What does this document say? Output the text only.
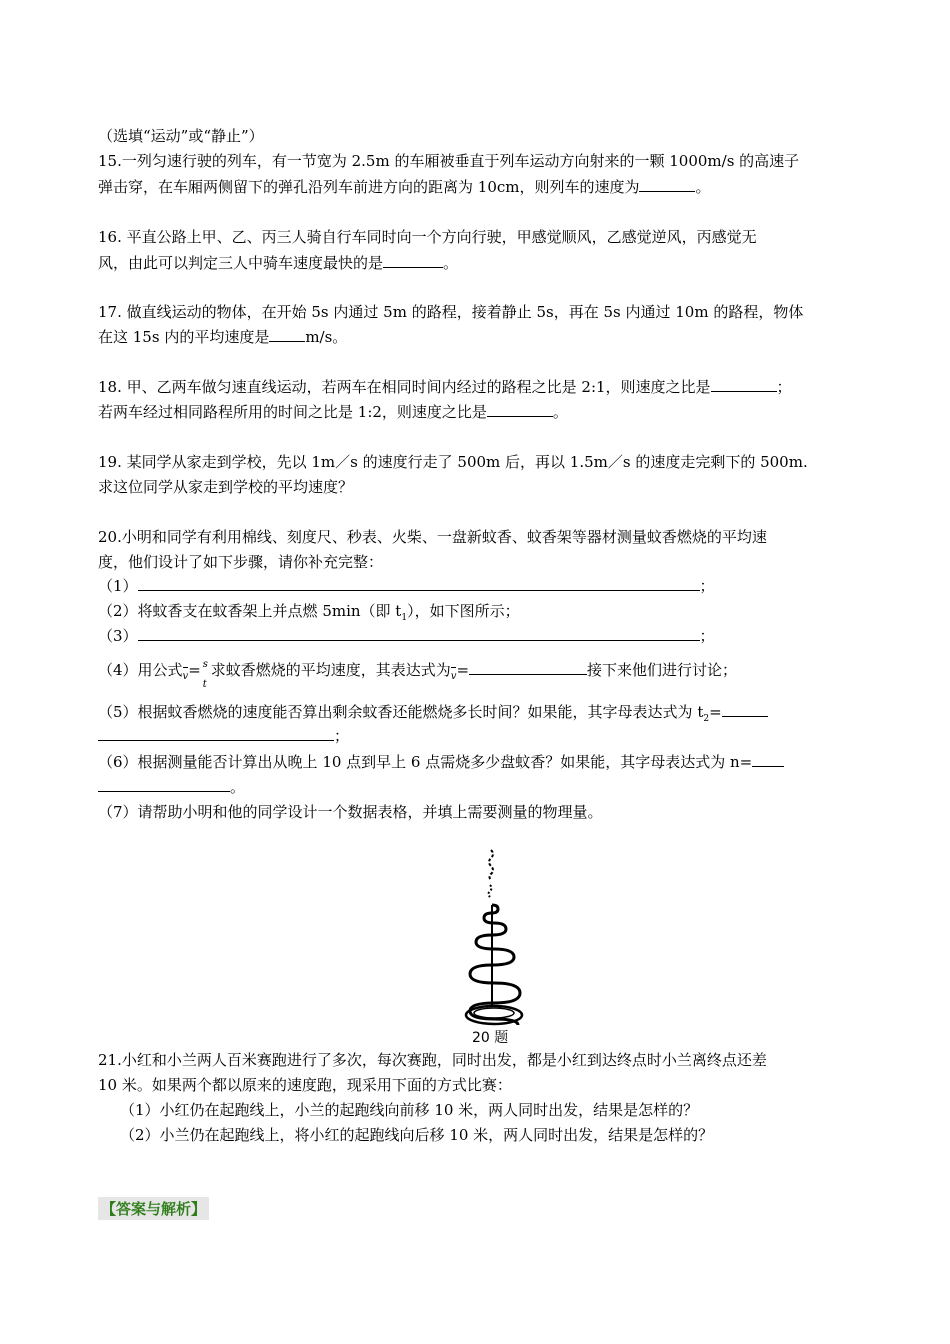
（选填“运动”或“静止”）
15.一列匀速行驶的列车，有一节宽为 2.5m 的车厢被垂直于列车运动方向射来的一颗 1000m/s 的高速子
弹击穿，在车厢两侧留下的弹孔沿列车前进方向的距离为 10cm，则列车的速度为	。
16. 平直公路上甲、乙、丙三人骑自行车同时向一个方向行驶，甲感觉顺风，乙感觉逆风，丙感觉无
风，由此可以判定三人中骑车速度最快的是	。
17. 做直线运动的物体，在开始 5s 内通过 5m 的路程，接着静止 5s，再在 5s 内通过 10m 的路程，物体
在这 15s 内的平均速度是 m/s。
18. 甲、乙两车做匀速直线运动，若两车在相同时间内经过的路程之比是 2:1，则速度之比是	；
若两车经过相同路程所用的时间之比是 1:2，则速度之比是	。
19. 某同学从家走到学校，先以 1m／s 的速度行走了 500m 后，再以 1.5m／s 的速度走完剩下的 500m.
求这位同学从家走到学校的平均速度？
20.小明和同学有利用棉线、刻度尺、秒表、火柴、一盘新蚊香、蚊香架等器材测量蚊香燃烧的平均速
度，他们设计了如下步骤，请你补充完整：
（1）	；
（2）将蚊香支在蚊香架上并点燃 5min（即 $t_1$），如下图所示；
（3）	；
（4）用公式v= s
t
求蚊香燃烧的平均速度，其表达式为v=	接下来他们进行讨论；
（5）根据蚊香燃烧的速度能否算出剩余蚊香还能燃烧多长时间？如果能，其字母表达式为 $t_2=$
；
（6）根据测量能否计算出从晚上 10 点到早上 6 点需烧多少盘蚊香？如果能，其字母表达式为 n=
。
（7）请帮助小明和他的同学设计一个数据表格，并填上需要测量的物理量。
21.小红和小兰两人百米赛跑进行了多次，每次赛跑，同时出发，都是小红到达终点时小兰离终点还差
10 米。如果两个都以原来的速度跑，现采用下面的方式比赛：
（1）小红仍在起跑线上，小兰的起跑线向前移 10 米，两人同时出发，结果是怎样的？
（2）小兰仍在起跑线上，将小红的起跑线向后移 10 米，两人同时出发，结果是怎样的？
20 题
【答案与解析】
